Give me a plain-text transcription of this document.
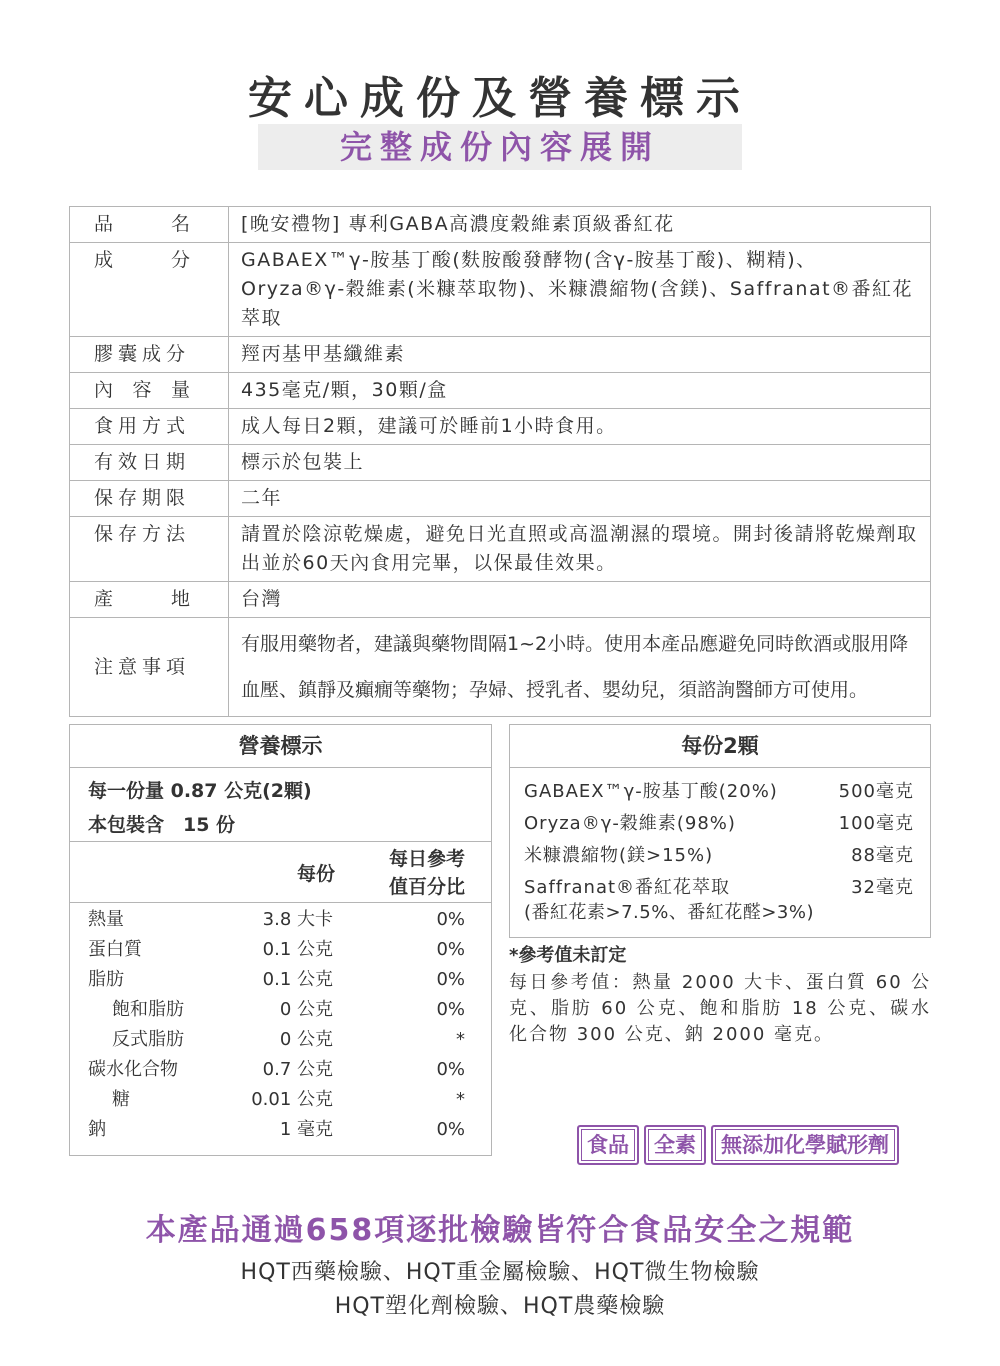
安心成份及營養標示
完整成份內容展開
品 名	[晚安禮物] 專利GABA高濃度穀維素頂級番紅花

成 分	GABAEX™γ-胺基丁酸(麩胺酸發酵物(含γ-胺基丁酸)、糊精)、Oryza®γ-穀維素(米糠萃取物)、米糠濃縮物(含鎂)、Saffranat®番紅花萃取
膠囊成分	羥丙基甲基纖維素

內 容 量	435毫克/顆，30顆/盒
食用方式	成人每日2顆，建議可於睡前1小時食用。
有效日期	標示於包裝上
保存期限	二年
保存方法	請置於陰涼乾燥處，避免日光直照或高溫潮濕的環境。開封後請將乾燥劑取出並於60天內食用完畢，以保最佳效果。

產 地	台灣
注意事項	有服用藥物者，建議與藥物間隔1~2小時。使用本產品應避免同時飲酒或服用降
血壓、鎮靜及癲癇等藥物；孕婦、授乳者、嬰幼兒，須諮詢醫師方可使用。
營養標示
每一份量 0.87 公克(2顆)
本包裝含　15 份
每份
每日參考
值百分比
熱量	3.8 大卡	0%
蛋白質	0.1 公克	0%
脂肪	0.1 公克	0%
飽和脂肪	0 公克	0%
反式脂肪	0 公克	*
碳水化合物	0.7 公克	0%
糖	0.01 公克	*
鈉	1 毫克	0%
每份2顆
GABAEX™γ-胺基丁酸(20%)	500毫克
Oryza®γ-穀維素(98%)	100毫克
米糠濃縮物(鎂>15%)	88毫克
Saffranat®番紅花萃取	32毫克
(番紅花素>7.5%、番紅花醛>3%)
*參考值未訂定
每日參考值：熱量 2000 大卡、蛋白質 60 公克、脂肪 60 公克、飽和脂肪 18 公克、碳水化合物 300 公克、鈉 2000 毫克。
食品	全素	無添加化學賦形劑
本產品通過658項逐批檢驗皆符合食品安全之規範
HQT西藥檢驗、HQT重金屬檢驗、HQT微生物檢驗
HQT塑化劑檢驗、HQT農藥檢驗
